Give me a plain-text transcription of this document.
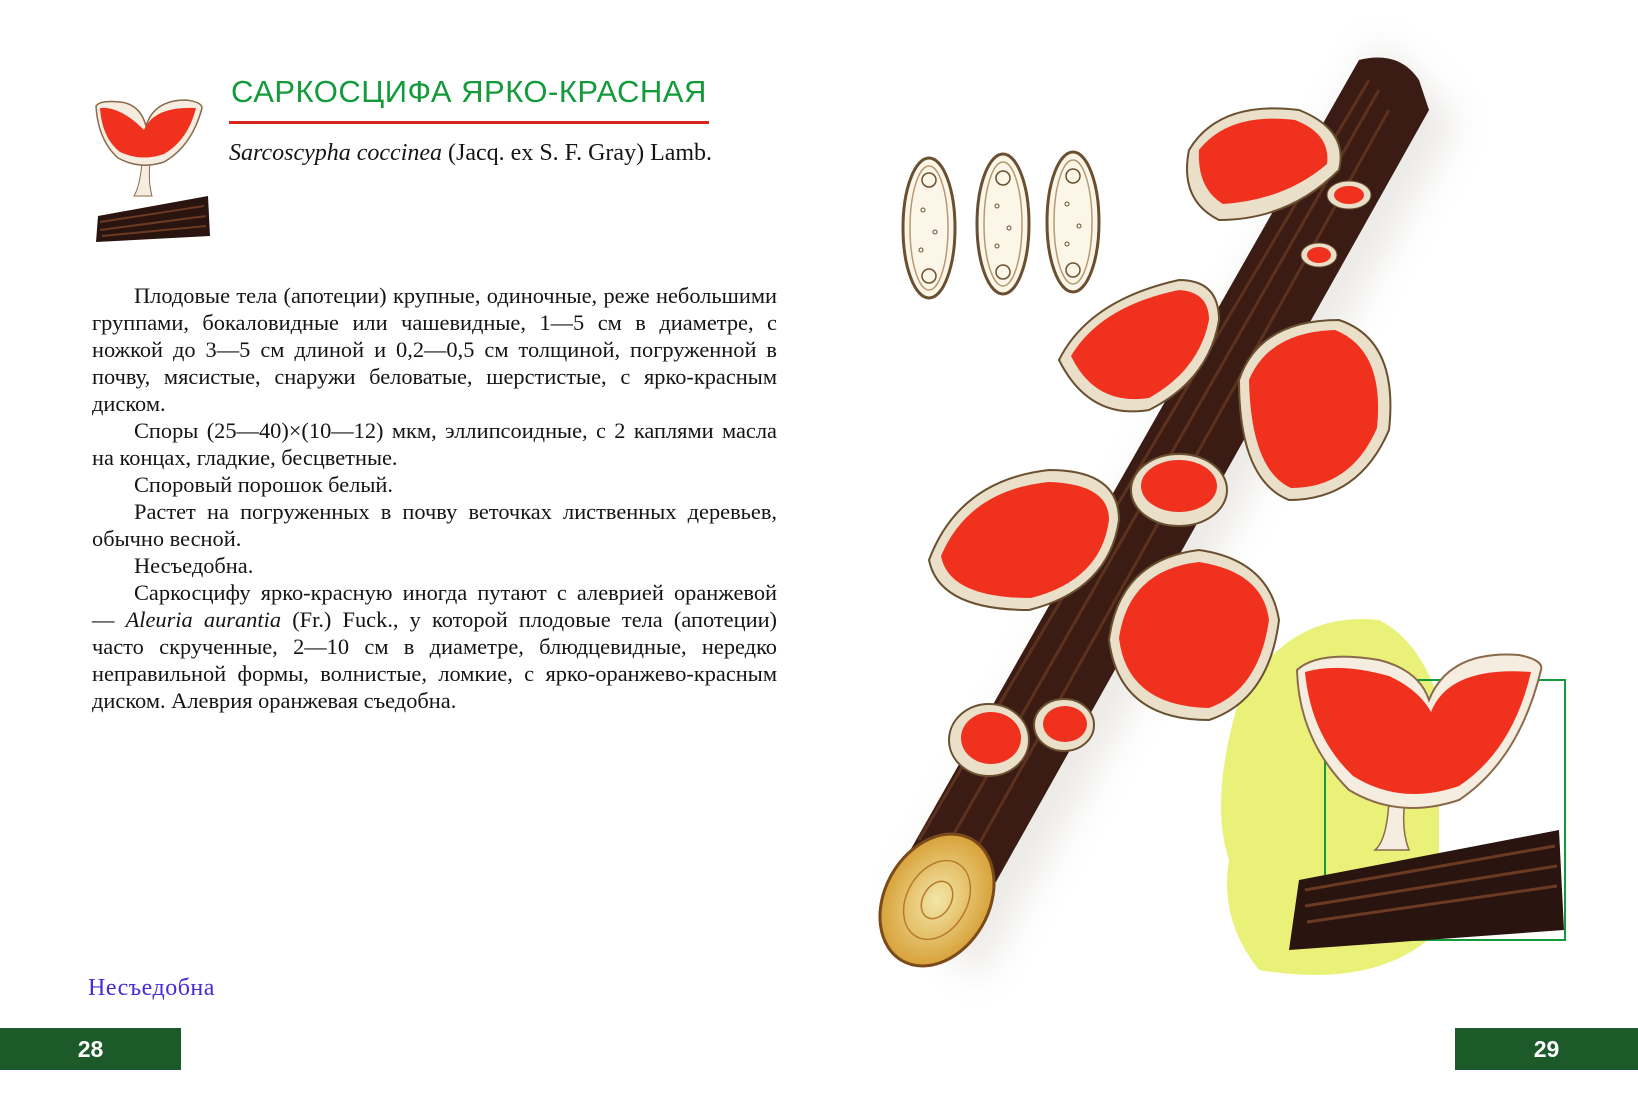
САРКОСЦИФА ЯРКО-КРАСНАЯ
Sarcoscypha coccinea (Jacq. ex S. F. Gray) Lamb.

Плодовые тела (апотеции) крупные, одиночные, реже небольшими группами, бокаловидные или чашевидные, 1—5 см в диаметре, с ножкой до 3—5 см длиной и 0,2—0,5 см толщиной, погруженной в почву, мясистые, снаружи беловатые, шерстистые, с ярко-красным диском.

Споры (25—40)×(10—12) мкм, эллипсоидные, с 2 каплями масла на концах, гладкие, бесцветные.

Споровый порошок белый.

Растет на погруженных в почву веточках лиственных деревьев, обычно весной.

Несъедобна.

Саркосцифу ярко-красную иногда путают с алеврией оранжевой — Aleuria aurantia (Fr.) Fuck., у которой плодовые тела (апотеции) часто скрученные, 2—10 см в диаметре, блюдцевидные, нередко неправильной формы, волнистые, ломкие, с ярко-оранжево-красным диском. Алеврия оранжевая съедобна.

Несъедобна
28	29
